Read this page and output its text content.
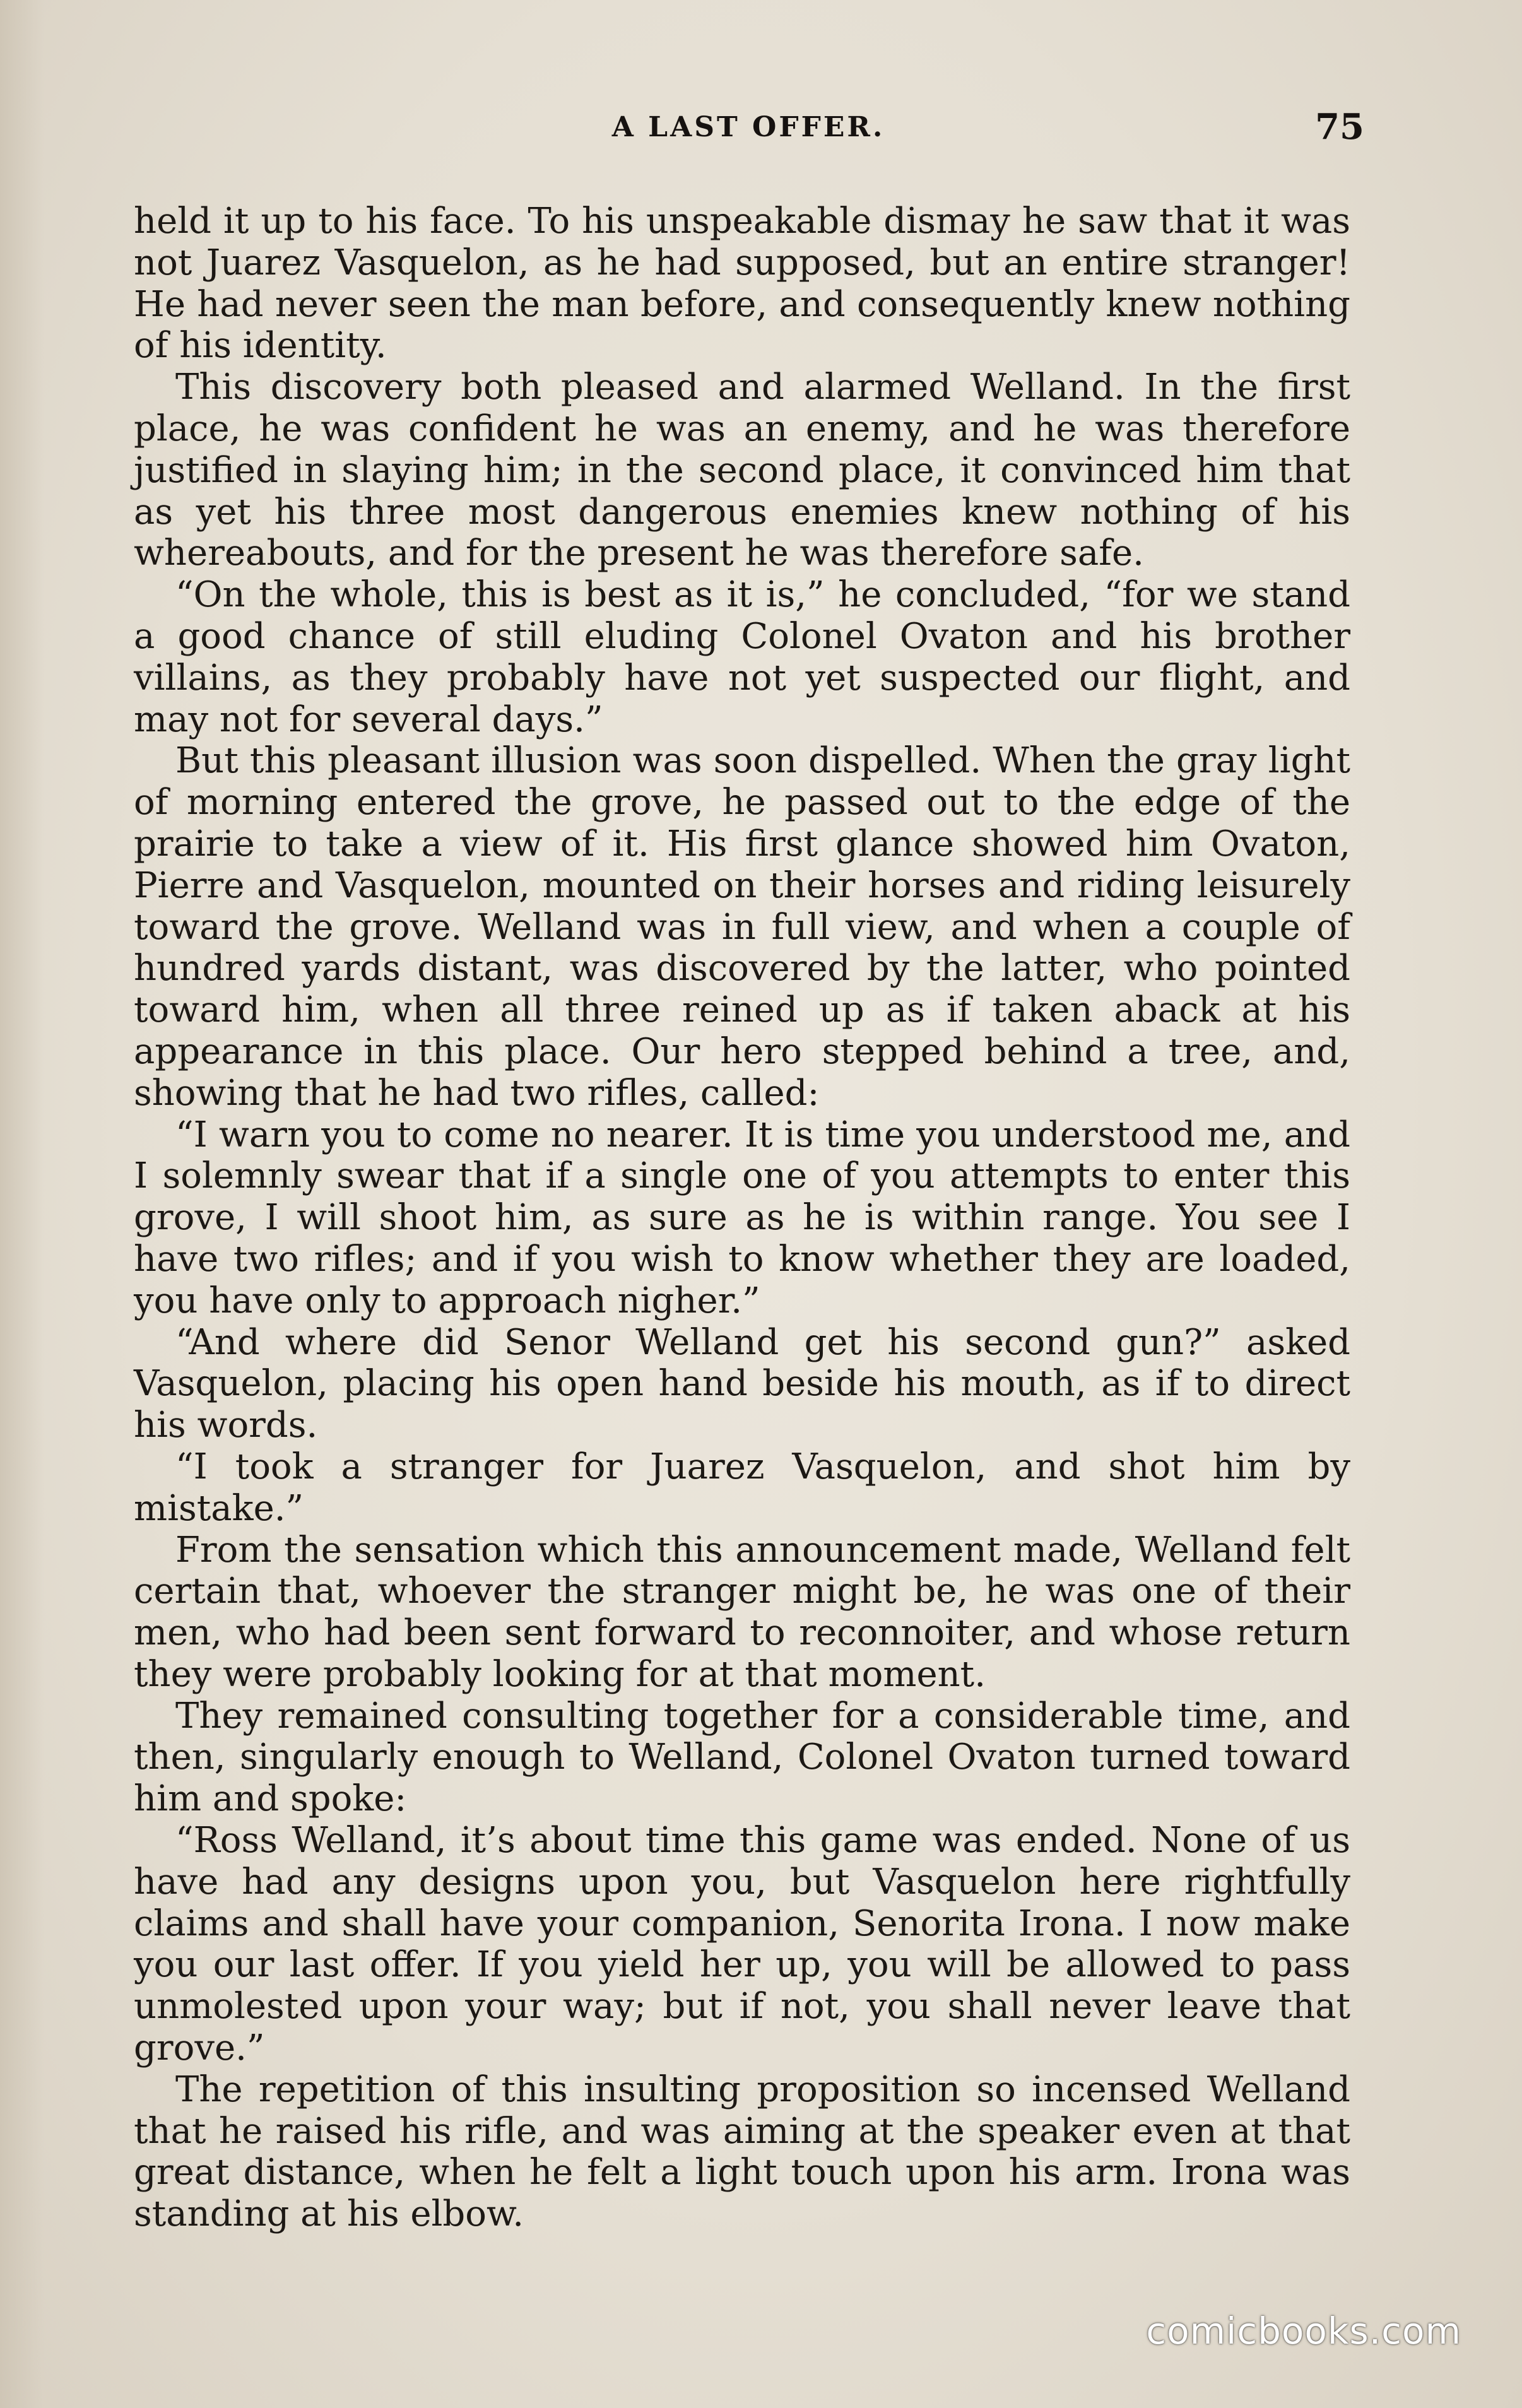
A LAST OFFER.	75

held it up to his face. To his unspeakable dismay he saw that it was not Juarez Vasquelon, as he had supposed, but an entire stranger! He had never seen the man before, and consequently knew nothing of his identity.

This discovery both pleased and alarmed Welland. In the first place, he was confident he was an enemy, and he was therefore justified in slaying him; in the second place, it convinced him that as yet his three most dangerous enemies knew nothing of his whereabouts, and for the present he was therefore safe.

“On the whole, this is best as it is,” he concluded, “for we stand a good chance of still eluding Colonel Ovaton and his brother villains, as they probably have not yet suspected our flight, and may not for several days.”

But this pleasant illusion was soon dispelled. When the gray light of morning entered the grove, he passed out to the edge of the prairie to take a view of it. His first glance showed him Ovaton, Pierre and Vasquelon, mounted on their horses and riding leisurely toward the grove. Welland was in full view, and when a couple of hundred yards distant, was discovered by the latter, who pointed toward him, when all three reined up as if taken aback at his appearance in this place. Our hero stepped behind a tree, and, showing that he had two rifles, called:

“I warn you to come no nearer. It is time you understood me, and I solemnly swear that if a single one of you attempts to enter this grove, I will shoot him, as sure as he is within range. You see I have two rifles; and if you wish to know whether they are loaded, you have only to approach nigher.”

“And where did Senor Welland get his second gun?” asked Vasquelon, placing his open hand beside his mouth, as if to direct his words.

“I took a stranger for Juarez Vasquelon, and shot him by mistake.”

From the sensation which this announcement made, Welland felt certain that, whoever the stranger might be, he was one of their men, who had been sent forward to reconnoiter, and whose return they were probably looking for at that moment.

They remained consulting together for a considerable time, and then, singularly enough to Welland, Colonel Ovaton turned toward him and spoke:

“Ross Welland, it’s about time this game was ended. None of us have had any designs upon you, but Vasquelon here rightfully claims and shall have your companion, Senorita Irona. I now make you our last offer. If you yield her up, you will be allowed to pass unmolested upon your way; but if not, you shall never leave that grove.”

The repetition of this insulting proposition so incensed Welland that he raised his rifle, and was aiming at the speaker even at that great distance, when he felt a light touch upon his arm. Irona was standing at his elbow.

comicbooks.com
